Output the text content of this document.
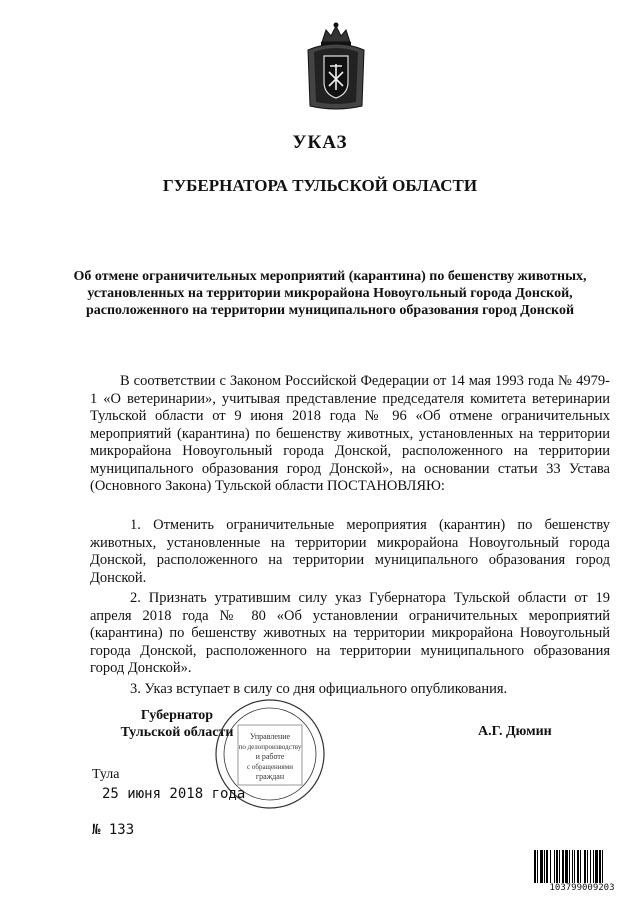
УКАЗ
ГУБЕРНАТОРА ТУЛЬСКОЙ ОБЛАСТИ
Об отмене ограничительных мероприятий (карантина) по бешенству животных, установленных на территории микрорайона Новоугольный города Донской, расположенного на территории муниципального образования город Донской
В соответствии с Законом Российской Федерации от 14 мая 1993 года № 4979-1 «О ветеринарии», учитывая представление председателя комитета ветеринарии Тульской области от 9 июня 2018 года № 96 «Об отмене ограничительных мероприятий (карантина) по бешенству животных, установленных на территории микрорайона Новоугольный города Донской, расположенного на территории муниципального образования город Донской», на основании статьи 33 Устава (Основного Закона) Тульской области ПОСТАНОВЛЯЮ:
1. Отменить ограничительные мероприятия (карантин) по бешенству животных, установленные на территории микрорайона Новоугольный города Донской, расположенного на территории муниципального образования город Донской.
2. Признать утратившим силу указ Губернатора Тульской области от 19 апреля 2018 года № 80 «Об установлении ограничительных мероприятий (карантина) по бешенству животных на территории микрорайона Новоугольный города Донской, расположенного на территории муниципального образования город Донской».
3. Указ вступает в силу со дня официального опубликования.
Губернатор
Тульской области	А.Г. Дюмин
Управление
по делопроизводству
и работе
с обращениями
граждан
Тула
25 июня 2018 года
№ 133
103799009203
